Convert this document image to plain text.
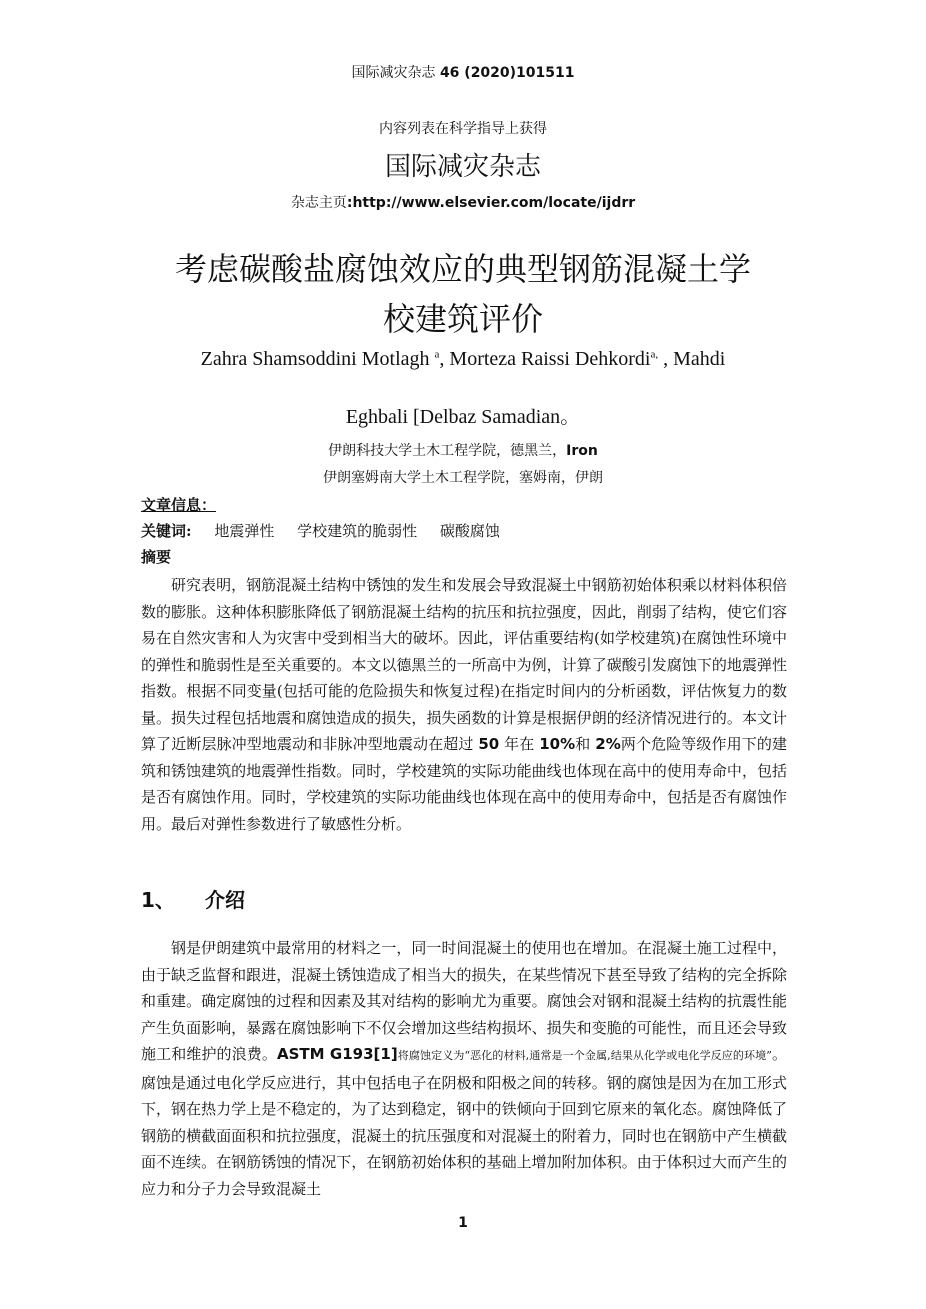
国际减灾杂志 46 (2020)101511
内容列表在科学指导上获得
国际减灾杂志
杂志主页:http://www.elsevier.com/locate/ijdrr
考虑碳酸盐腐蚀效应的典型钢筋混凝土学
校建筑评价
Zahra Shamsoddini Motlagh $^a$, Morteza Raissi Dehkordi$^{a,}$ , Mahdi
Eghbali [Delbaz Samadian。
伊朗科技大学土木工程学院，德黑兰，Iron
伊朗塞姆南大学土木工程学院，塞姆南，伊朗
文章信息：
关键词: 地震弹性 学校建筑的脆弱性 碳酸腐蚀
摘要

研究表明，钢筋混凝土结构中锈蚀的发生和发展会导致混凝土中钢筋初始体积乘以材料体积倍数的膨胀。这种体积膨胀降低了钢筋混凝土结构的抗压和抗拉强度，因此，削弱了结构，使它们容易在自然灾害和人为灾害中受到相当大的破坏。因此，评估重要结构(如学校建筑)在腐蚀性环境中的弹性和脆弱性是至关重要的。本文以德黑兰的一所高中为例，计算了碳酸引发腐蚀下的地震弹性指数。根据不同变量(包括可能的危险损失和恢复过程)在指定时间内的分析函数，评估恢复力的数量。损失过程包括地震和腐蚀造成的损失，损失函数的计算是根据伊朗的经济情况进行的。本文计算了近断层脉冲型地震动和非脉冲型地震动在超过 50 年在 10%和 2%两个危险等级作用下的建筑和锈蚀建筑的地震弹性指数。同时，学校建筑的实际功能曲线也体现在高中的使用寿命中，包括是否有腐蚀作用。同时，学校建筑的实际功能曲线也体现在高中的使用寿命中，包括是否有腐蚀作用。最后对弹性参数进行了敏感性分析。

1、 介绍

钢是伊朗建筑中最常用的材料之一，同一时间混凝土的使用也在增加。在混凝土施工过程中，由于缺乏监督和跟进，混凝土锈蚀造成了相当大的损失，在某些情况下甚至导致了结构的完全拆除和重建。确定腐蚀的过程和因素及其对结构的影响尤为重要。腐蚀会对钢和混凝土结构的抗震性能产生负面影响，暴露在腐蚀影响下不仅会增加这些结构损坏、损失和变脆的可能性，而且还会导致施工和维护的浪费。ASTM G193[1]将腐蚀定义为“恶化的材料,通常是一个金属,结果从化学或电化学反应的环境”。腐蚀是通过电化学反应进行，其中包括电子在阴极和阳极之间的转移。钢的腐蚀是因为在加工形式下，钢在热力学上是不稳定的，为了达到稳定，钢中的铁倾向于回到它原来的氧化态。腐蚀降低了钢筋的横截面面积和抗拉强度，混凝土的抗压强度和对混凝土的附着力，同时也在钢筋中产生横截面不连续。在钢筋锈蚀的情况下，在钢筋初始体积的基础上增加附加体积。由于体积过大而产生的应力和分子力会导致混凝土

1
